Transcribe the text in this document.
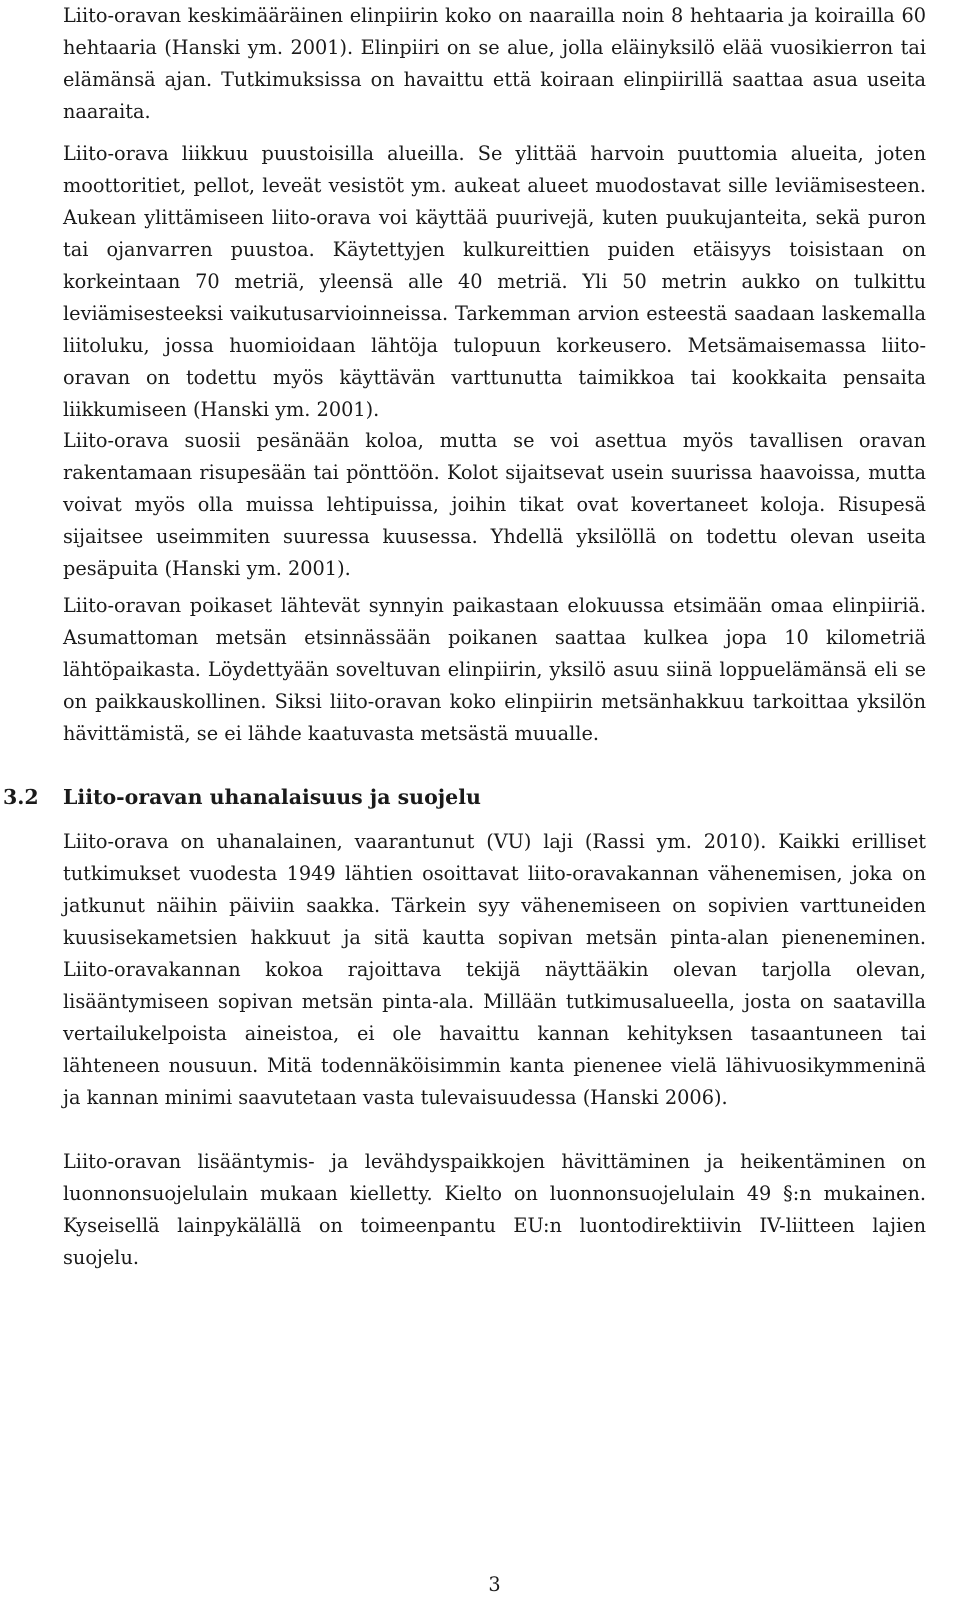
Liito-oravan keskimääräinen elinpiirin koko on naarailla noin 8 hehtaaria ja koirailla 60 hehtaaria (Hanski ym. 2001). Elinpiiri on se alue, jolla eläinyksilö elää vuosikierron tai elämänsä ajan. Tutkimuksissa on havaittu että koiraan elinpiirillä saattaa asua useita naaraita.

Liito-orava liikkuu puustoisilla alueilla. Se ylittää harvoin puuttomia alueita, joten moottoritiet, pellot, leveät vesistöt ym. aukeat alueet muodostavat sille leviämisesteen. Aukean ylittämiseen liito-orava voi käyttää puurivejä, kuten puukujanteita, sekä puron tai ojanvarren puustoa. Käytettyjen kulkureittien puiden etäisyys toisistaan on korkeintaan 70 metriä, yleensä alle 40 metriä. Yli 50 metrin aukko on tulkittu leviämisesteeksi vaikutusarvioinneissa. Tarkemman arvion esteestä saadaan laskemalla liitoluku, jossa huomioidaan lähtöja tulopuun korkeusero. Metsämaisemassa liito-oravan on todettu myös käyttävän varttunutta taimikkoa tai kookkaita pensaita liikkumiseen (Hanski ym. 2001).

Liito-orava suosii pesänään koloa, mutta se voi asettua myös tavallisen oravan rakentamaan risupesään tai pönttöön. Kolot sijaitsevat usein suurissa haavoissa, mutta voivat myös olla muissa lehtipuissa, joihin tikat ovat kovertaneet koloja. Risupesä sijaitsee useimmiten suuressa kuusessa. Yhdellä yksilöllä on todettu olevan useita pesäpuita (Hanski ym. 2001).

Liito-oravan poikaset lähtevät synnyin paikastaan elokuussa etsimään omaa elinpiiriä. Asumattoman metsän etsinnässään poikanen saattaa kulkea jopa 10 kilometriä lähtöpaikasta. Löydettyään soveltuvan elinpiirin, yksilö asuu siinä loppuelämänsä eli se on paikkauskollinen. Siksi liito-oravan koko elinpiirin metsänhakkuu tarkoittaa yksilön hävittämistä, se ei lähde kaatuvasta metsästä muualle.

3.2 Liito-oravan uhanalaisuus ja suojelu

Liito-orava on uhanalainen, vaarantunut (VU) laji (Rassi ym. 2010). Kaikki erilliset tutkimukset vuodesta 1949 lähtien osoittavat liito-oravakannan vähenemisen, joka on jatkunut näihin päiviin saakka. Tärkein syy vähenemiseen on sopivien varttuneiden kuusisekametsien hakkuut ja sitä kautta sopivan metsän pinta-alan pieneneminen. Liito-oravakannan kokoa rajoittava tekijä näyttääkin olevan tarjolla olevan, lisääntymiseen sopivan metsän pinta-ala. Millään tutkimusalueella, josta on saatavilla vertailukelpoista aineistoa, ei ole havaittu kannan kehityksen tasaantuneen tai lähteneen nousuun. Mitä todennäköisimmin kanta pienenee vielä lähivuosikymmeninä ja kannan minimi saavutetaan vasta tulevaisuudessa (Hanski 2006).

Liito-oravan lisääntymis- ja levähdyspaikkojen hävittäminen ja heikentäminen on luonnonsuojelulain mukaan kielletty. Kielto on luonnonsuojelulain 49 §:n mukainen. Kyseisellä lainpykälällä on toimeenpantu EU:n luontodirektiivin IV-liitteen lajien suojelu.

3
